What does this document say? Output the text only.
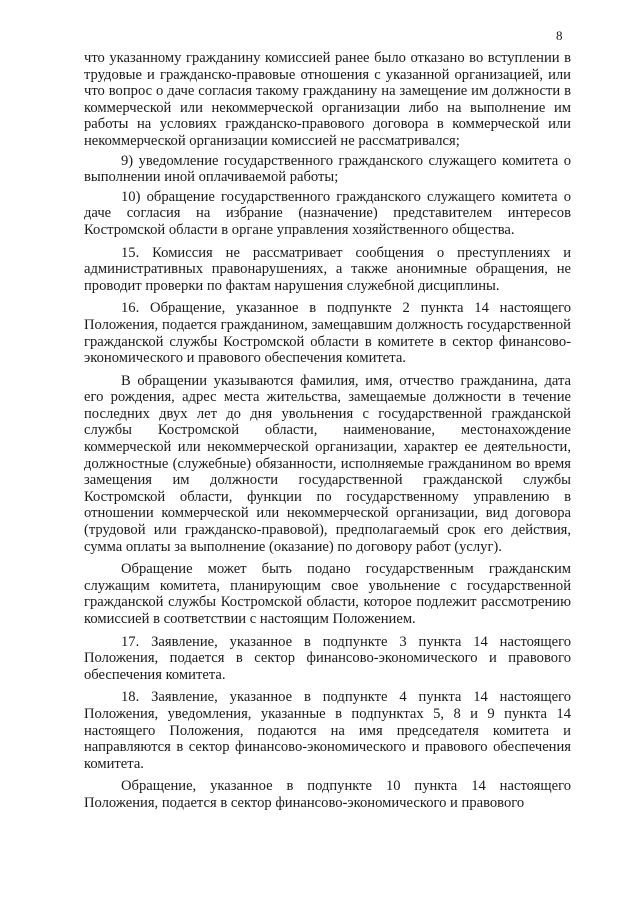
8

что указанному гражданину комиссией ранее было отказано во вступлении в трудовые и гражданско-правовые отношения с указанной организацией, или что вопрос о даче согласия такому гражданину на замещение им должности в коммерческой или некоммерческой организации либо на выполнение им работы на условиях гражданско-правового договора в коммерческой или некоммерческой организации комиссией не рассматривался;

9) уведомление государственного гражданского служащего комитета о выполнении иной оплачиваемой работы;

10) обращение государственного гражданского служащего комитета о даче согласия на избрание (назначение) представителем интересов Костромской области в органе управления хозяйственного общества.

15. Комиссия не рассматривает сообщения о преступлениях и административных правонарушениях, а также анонимные обращения, не проводит проверки по фактам нарушения служебной дисциплины.

16. Обращение, указанное в подпункте 2 пункта 14 настоящего Положения, подается гражданином, замещавшим должность государственной гражданской службы Костромской области в комитете в сектор финансово-экономического и правового обеспечения комитета.

В обращении указываются фамилия, имя, отчество гражданина, дата его рождения, адрес места жительства, замещаемые должности в течение последних двух лет до дня увольнения с государственной гражданской службы Костромской области, наименование, местонахождение коммерческой или некоммерческой организации, характер ее деятельности, должностные (служебные) обязанности, исполняемые гражданином во время замещения им должности государственной гражданской службы Костромской области, функции по государственному управлению в отношении коммерческой или некоммерческой организации, вид договора (трудовой или гражданско-правовой), предполагаемый срок его действия, сумма оплаты за выполнение (оказание) по договору работ (услуг).

Обращение может быть подано государственным гражданским служащим комитета, планирующим свое увольнение с государственной гражданской службы Костромской области, которое подлежит рассмотрению комиссией в соответствии с настоящим Положением.

17. Заявление, указанное в подпункте 3 пункта 14 настоящего Положения, подается в сектор финансово-экономического и правового обеспечения комитета.

18. Заявление, указанное в подпункте 4 пункта 14 настоящего Положения, уведомления, указанные в подпунктах 5, 8 и 9 пункта 14 настоящего Положения, подаются на имя председателя комитета и направляются в сектор финансово-экономического и правового обеспечения комитета.

Обращение, указанное в подпункте 10 пункта 14 настоящего Положения, подается в сектор финансово-экономического и правового
